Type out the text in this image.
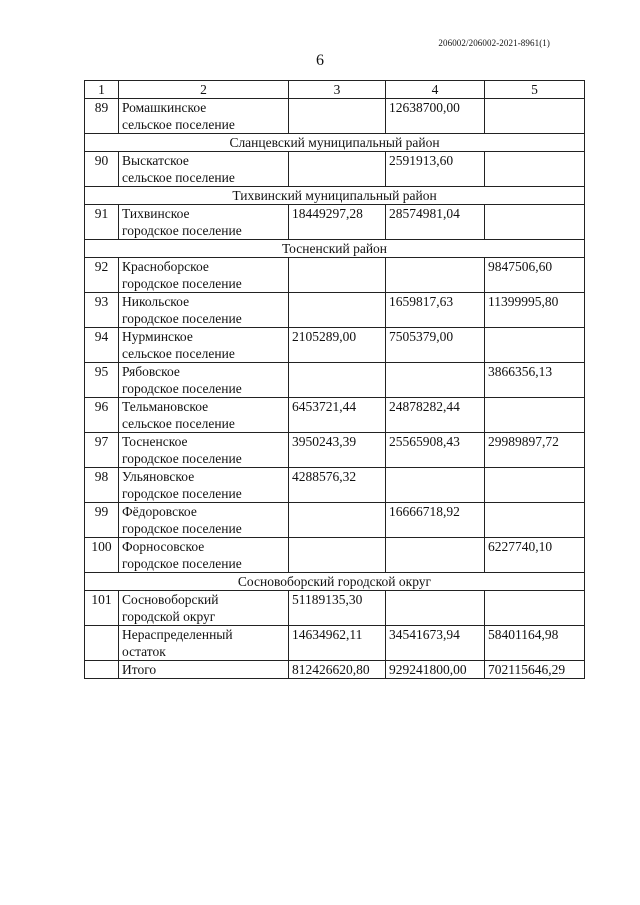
206002/206002-2021-8961(1)
6
1	2	3	4	5
89	Ромашкинское
сельское поселение		12638700,00	
Сланцевский муниципальный район				
90	Выскатское
сельское поселение		2591913,60	
Тихвинский муниципальный район				
91	Тихвинское
городское поселение	18449297,28	28574981,04	
Тосненский район				
92	Красноборское
городское поселение			9847506,60
93	Никольское
городское поселение		1659817,63	11399995,80
94	Нурминское
сельское поселение	2105289,00	7505379,00	
95	Рябовское
городское поселение			3866356,13
96	Тельмановское
сельское поселение	6453721,44	24878282,44	
97	Тосненское
городское поселение	3950243,39	25565908,43	29989897,72
98	Ульяновское
городское поселение	4288576,32		
99	Фёдоровское
городское поселение		16666718,92	
100	Форносовское
городское поселение			6227740,10
Сосновоборский городской округ				
101	Сосновоборский
городской округ	51189135,30		

	Нераспределенный
остаток	14634962,11	34541673,94	58401164,98

	Итого	812426620,80	929241800,00	702115646,29
